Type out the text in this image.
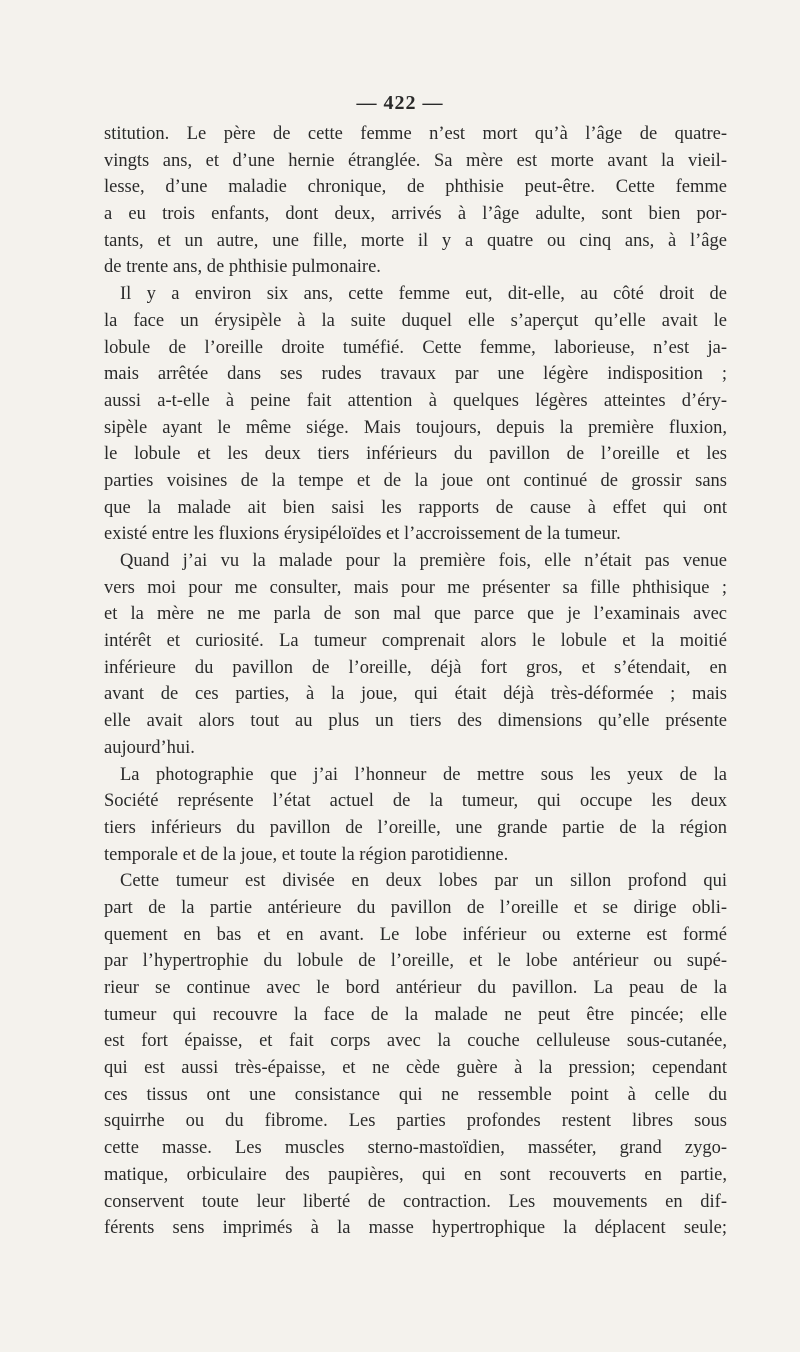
— 422 —
stitution. Le père de cette femme n’est mort qu’à l’âge de quatre-
vingts ans, et d’une hernie étranglée. Sa mère est morte avant la vieil-
lesse, d’une maladie chronique, de phthisie peut-être. Cette femme
a eu trois enfants, dont deux, arrivés à l’âge adulte, sont bien por-
tants, et un autre, une fille, morte il y a quatre ou cinq ans, à l’âge
de trente ans, de phthisie pulmonaire.
Il y a environ six ans, cette femme eut, dit-elle, au côté droit de
la face un érysipèle à la suite duquel elle s’aperçut qu’elle avait le
lobule de l’oreille droite tuméfié. Cette femme, laborieuse, n’est ja-
mais arrêtée dans ses rudes travaux par une légère indisposition ;
aussi a-t-elle à peine fait attention à quelques légères atteintes d’éry-
sipèle ayant le même siége. Mais toujours, depuis la première fluxion,
le lobule et les deux tiers inférieurs du pavillon de l’oreille et les
parties voisines de la tempe et de la joue ont continué de grossir sans
que la malade ait bien saisi les rapports de cause à effet qui ont
existé entre les fluxions érysipéloïdes et l’accroissement de la tumeur.
Quand j’ai vu la malade pour la première fois, elle n’était pas venue
vers moi pour me consulter, mais pour me présenter sa fille phthisique ;
et la mère ne me parla de son mal que parce que je l’examinais avec
intérêt et curiosité. La tumeur comprenait alors le lobule et la moitié
inférieure du pavillon de l’oreille, déjà fort gros, et s’étendait, en
avant de ces parties, à la joue, qui était déjà très-déformée ; mais
elle avait alors tout au plus un tiers des dimensions qu’elle présente
aujourd’hui.
La photographie que j’ai l’honneur de mettre sous les yeux de la
Société représente l’état actuel de la tumeur, qui occupe les deux
tiers inférieurs du pavillon de l’oreille, une grande partie de la région
temporale et de la joue, et toute la région parotidienne.
Cette tumeur est divisée en deux lobes par un sillon profond qui
part de la partie antérieure du pavillon de l’oreille et se dirige obli-
quement en bas et en avant. Le lobe inférieur ou externe est formé
par l’hypertrophie du lobule de l’oreille, et le lobe antérieur ou supé-
rieur se continue avec le bord antérieur du pavillon. La peau de la
tumeur qui recouvre la face de la malade ne peut être pincée; elle
est fort épaisse, et fait corps avec la couche celluleuse sous-cutanée,
qui est aussi très-épaisse, et ne cède guère à la pression; cependant
ces tissus ont une consistance qui ne ressemble point à celle du
squirrhe ou du fibrome. Les parties profondes restent libres sous
cette masse. Les muscles sterno-mastoïdien, masséter, grand zygo-
matique, orbiculaire des paupières, qui en sont recouverts en partie,
conservent toute leur liberté de contraction. Les mouvements en dif-
férents sens imprimés à la masse hypertrophique la déplacent seule;
